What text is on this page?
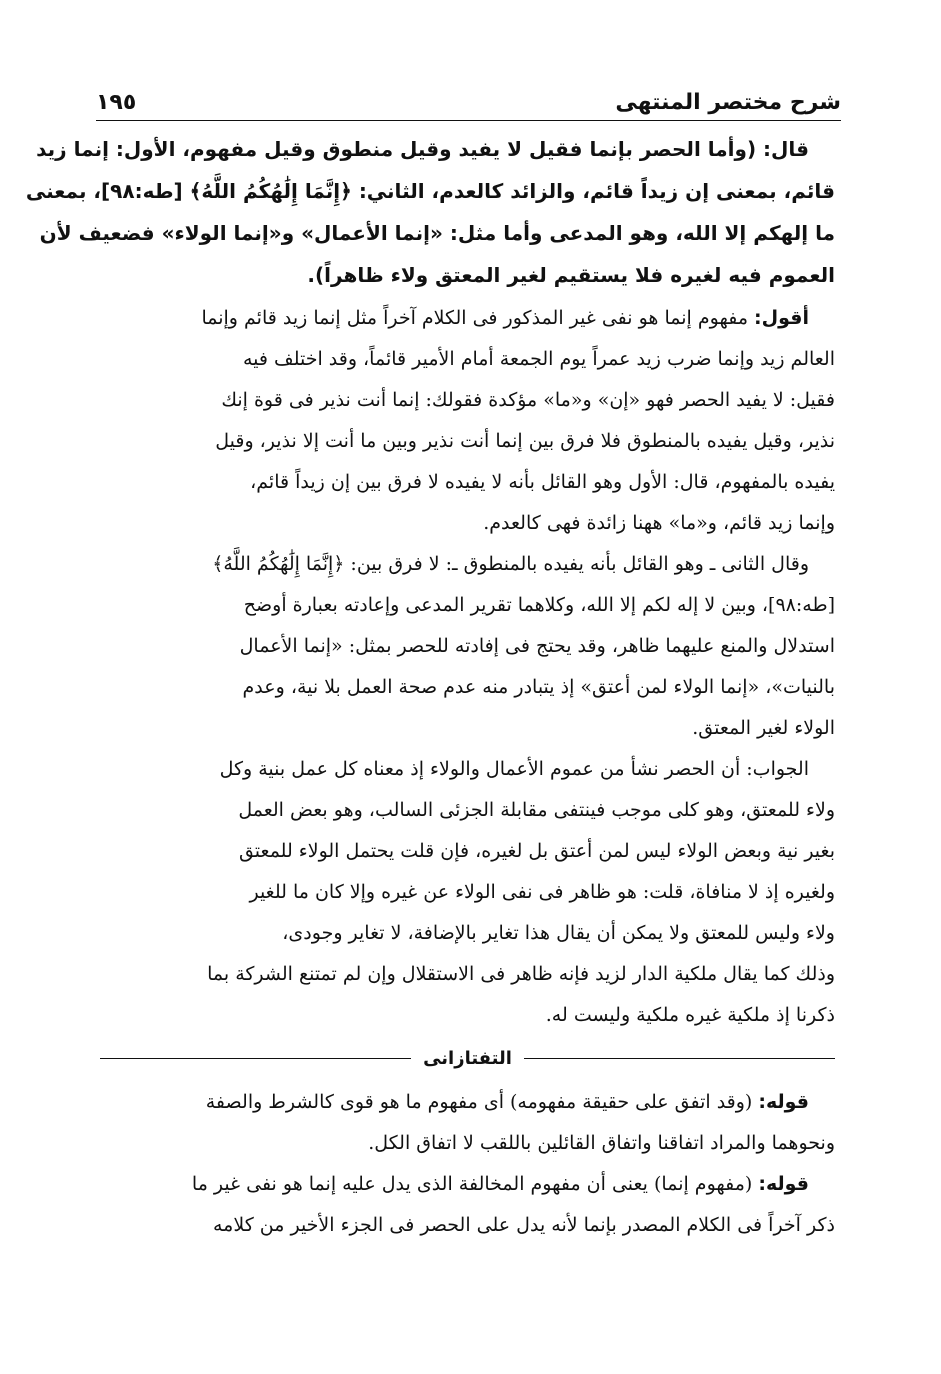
شرح مختصر المنتهى
١٩٥
قال: (وأما الحصر بإنما فقيل لا يفيد وقيل منطوق وقيل مفهوم، الأول: إنما زيد
قائم، بمعنى إن زيداً قائم، والزائد كالعدم، الثاني: ﴿إِنَّمَا إِلَٰهُكُمُ اللَّهُ﴾ [طه:٩٨]، بمعنى
ما إلهكم إلا الله، وهو المدعى وأما مثل: «إنما الأعمال» و«إنما الولاء» فضعيف لأن
العموم فيه لغيره فلا يستقيم لغير المعتق ولاء ظاهراً).
أقول: مفهوم إنما هو نفى غير المذكور فى الكلام آخراً مثل إنما زيد قائم وإنما
العالم زيد وإنما ضرب زيد عمراً يوم الجمعة أمام الأمير قائماً، وقد اختلف فيه
فقيل: لا يفيد الحصر فهو «إن» و«ما» مؤكدة فقولك: إنما أنت نذير فى قوة إنك
نذير، وقيل يفيده بالمنطوق فلا فرق بين إنما أنت نذير وبين ما أنت إلا نذير، وقيل
يفيده بالمفهوم، قال: الأول وهو القائل بأنه لا يفيده لا فرق بين إن زيداً قائم،
وإنما زيد قائم، و«ما» ههنا زائدة فهى كالعدم.
وقال الثانى ـ وهو القائل بأنه يفيده بالمنطوق ـ: لا فرق بين: ﴿إِنَّمَا إِلَٰهُكُمُ اللَّهُ﴾
[طه:٩٨]، وبين لا إله لكم إلا الله، وكلاهما تقرير المدعى وإعادته بعبارة أوضح
استدلال والمنع عليهما ظاهر، وقد يحتج فى إفادته للحصر بمثل: «إنما الأعمال
بالنيات»، «إنما الولاء لمن أعتق» إذ يتبادر منه عدم صحة العمل بلا نية، وعدم
الولاء لغير المعتق.
الجواب: أن الحصر نشأ من عموم الأعمال والولاء إذ معناه كل عمل بنية وكل
ولاء للمعتق، وهو كلى موجب فينتفى مقابلة الجزئى السالب، وهو بعض العمل
بغير نية وبعض الولاء ليس لمن أعتق بل لغيره، فإن قلت يحتمل الولاء للمعتق
ولغيره إذ لا منافاة، قلت: هو ظاهر فى نفى الولاء عن غيره وإلا كان ما للغير
ولاء وليس للمعتق ولا يمكن أن يقال هذا تغاير بالإضافة، لا تغاير وجودى،
وذلك كما يقال ملكية الدار لزيد فإنه ظاهر فى الاستقلال وإن لم تمتنع الشركة بما
ذكرنا إذ ملكية غيره ملكية وليست له.
التفتازانى
قوله: (وقد اتفق على حقيقة مفهومه) أى مفهوم ما هو قوى كالشرط والصفة
ونحوهما والمراد اتفاقنا واتفاق القائلين باللقب لا اتفاق الكل.
قوله: (مفهوم إنما) يعنى أن مفهوم المخالفة الذى يدل عليه إنما هو نفى غير ما
ذكر آخراً فى الكلام المصدر بإنما لأنه يدل على الحصر فى الجزء الأخير من كلامه
